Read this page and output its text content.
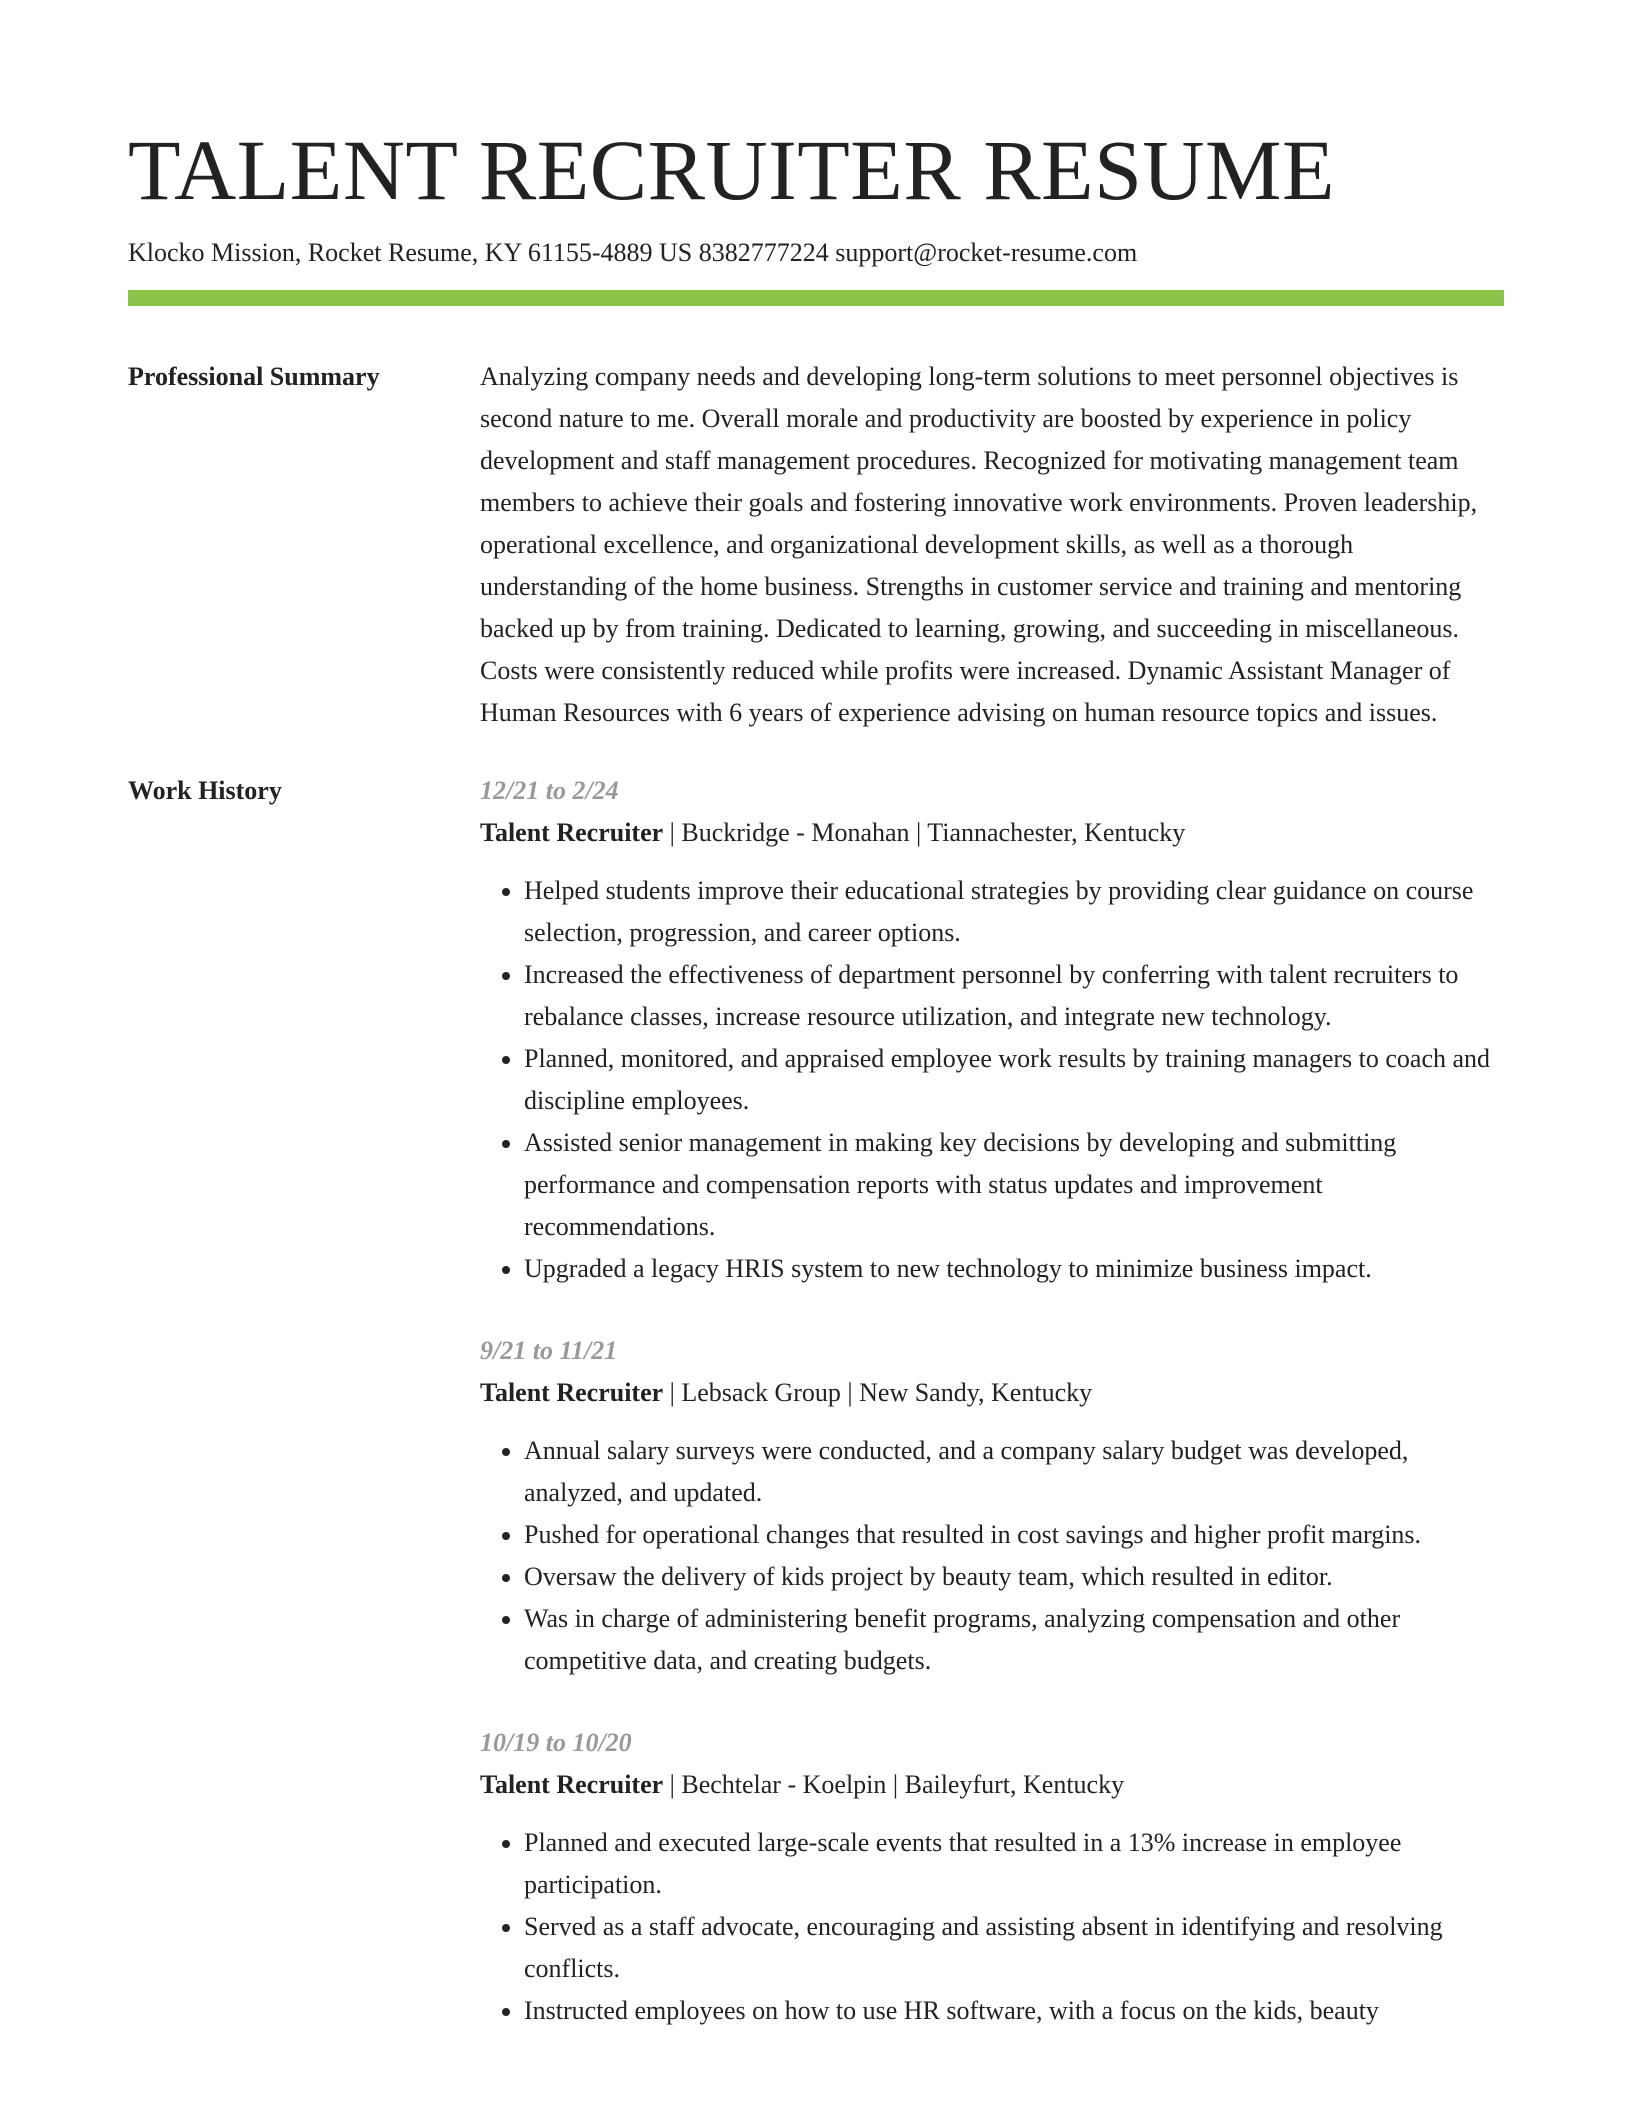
TALENT RECRUITER RESUME
Klocko Mission, Rocket Resume, KY 61155-4889 US 8382777224 support@rocket-resume.com
Professional Summary	Analyzing company needs and developing long-term solutions to meet personnel objectives is second nature to me. Overall morale and productivity are boosted by experience in policy development and staff management procedures. Recognized for motivating management team members to achieve their goals and fostering innovative work environments. Proven leadership, operational excellence, and organizational development skills, as well as a thorough understanding of the home business. Strengths in customer service and training and mentoring backed up by from training. Dedicated to learning, growing, and succeeding in miscellaneous. Costs were consistently reduced while profits were increased. Dynamic Assistant Manager of Human Resources with 6 years of experience advising on human resource topics and issues.

Work History	12/21 to 2/24
Talent Recruiter | Buckridge - Monahan | Tiannachester, Kentucky
• Helped students improve their educational strategies by providing clear guidance on course selection, progression, and career options.
• Increased the effectiveness of department personnel by conferring with talent recruiters to rebalance classes, increase resource utilization, and integrate new technology.
• Planned, monitored, and appraised employee work results by training managers to coach and discipline employees.
• Assisted senior management in making key decisions by developing and submitting performance and compensation reports with status updates and improvement recommendations.
• Upgraded a legacy HRIS system to new technology to minimize business impact.
9/21 to 11/21
Talent Recruiter | Lebsack Group | New Sandy, Kentucky
• Annual salary surveys were conducted, and a company salary budget was developed, analyzed, and updated.
• Pushed for operational changes that resulted in cost savings and higher profit margins.
• Oversaw the delivery of kids project by beauty team, which resulted in editor.
• Was in charge of administering benefit programs, analyzing compensation and other competitive data, and creating budgets.
10/19 to 10/20
Talent Recruiter | Bechtelar - Koelpin | Baileyfurt, Kentucky
• Planned and executed large-scale events that resulted in a 13% increase in employee participation.
• Served as a staff advocate, encouraging and assisting absent in identifying and resolving conflicts.
• Instructed employees on how to use HR software, with a focus on the kids, beauty
